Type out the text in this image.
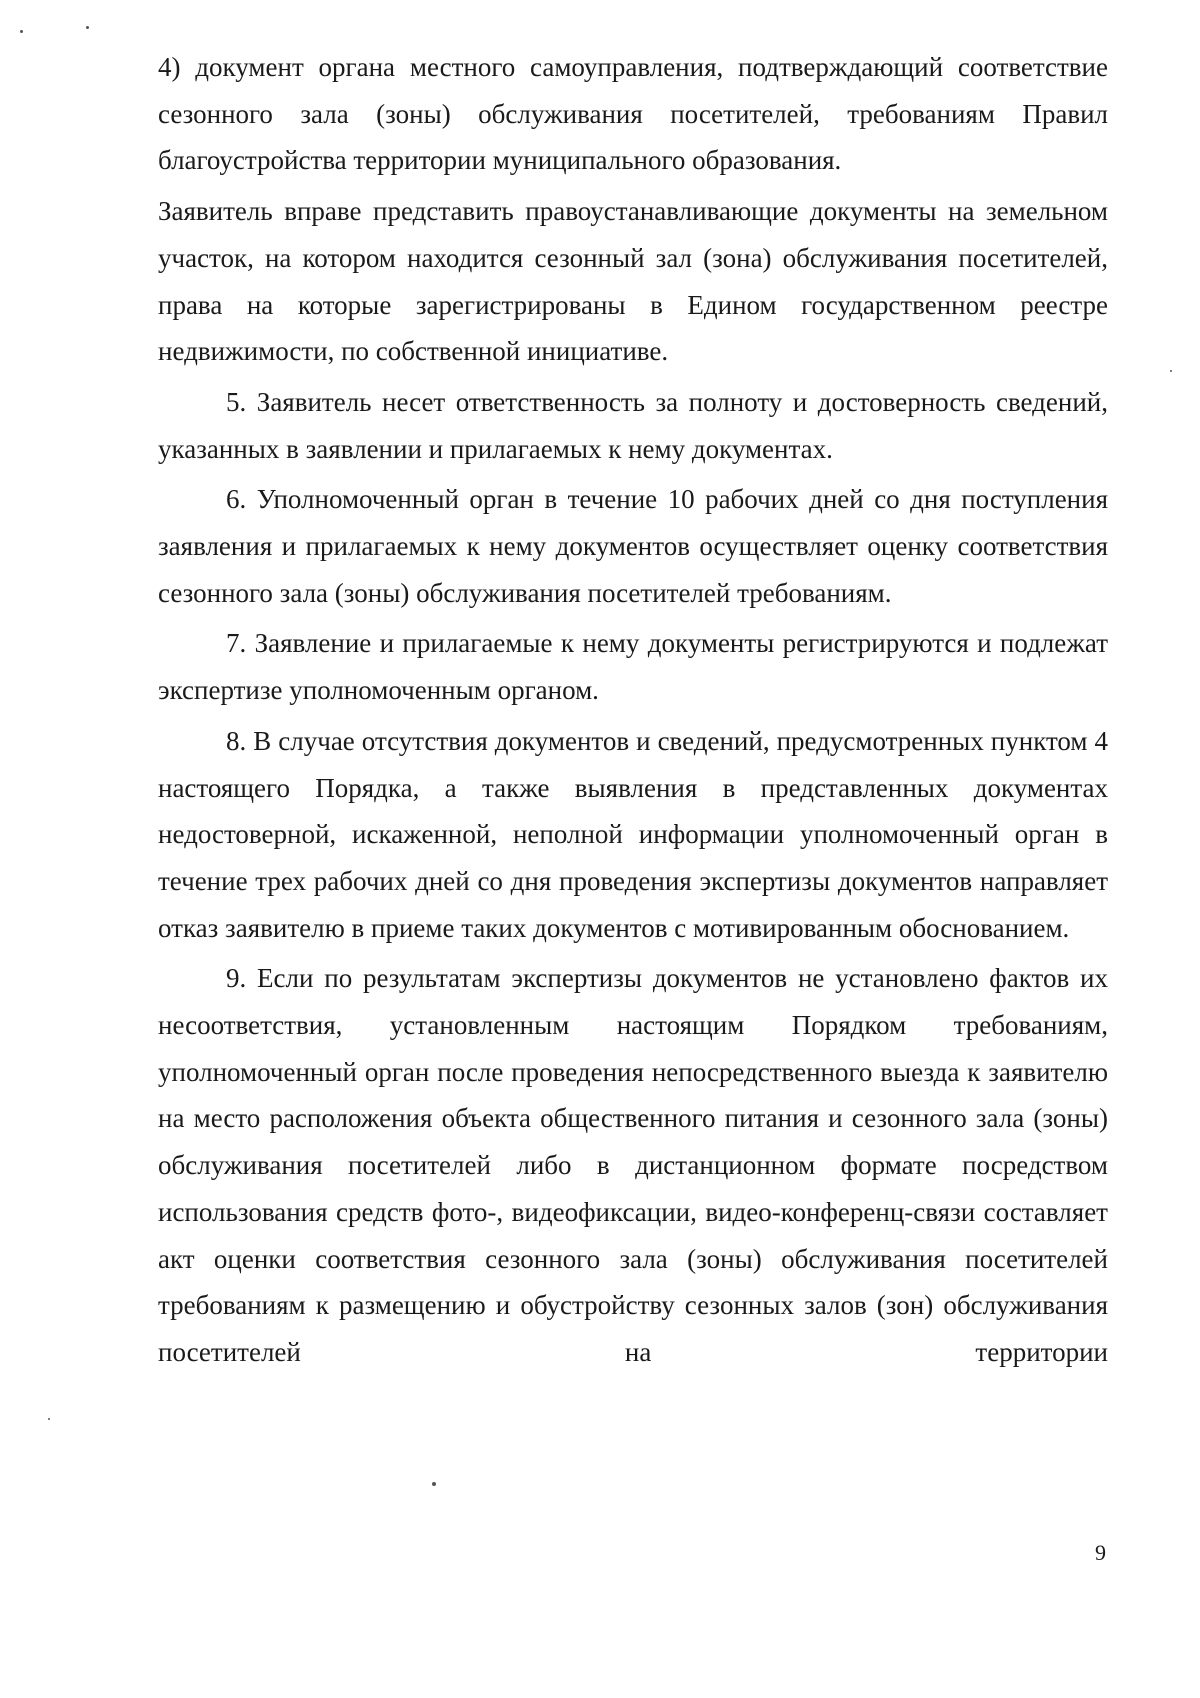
4) документ органа местного самоуправления, подтверждающий соответствие сезонного зала (зоны) обслуживания посетителей, требованиям Правил благоустройства территории муниципального образования.

Заявитель вправе представить правоустанавливающие документы на земельном участок, на котором находится сезонный зал (зона) обслуживания посетителей, права на которые зарегистрированы в Едином государственном реестре недвижимости, по собственной инициативе.

5. Заявитель несет ответственность за полноту и достоверность сведений, указанных в заявлении и прилагаемых к нему документах.

6. Уполномоченный орган в течение 10 рабочих дней со дня поступления заявления и прилагаемых к нему документов осуществляет оценку соответствия сезонного зала (зоны) обслуживания посетителей требованиям.

7. Заявление и прилагаемые к нему документы регистрируются и подлежат экспертизе уполномоченным органом.

8. В случае отсутствия документов и сведений, предусмотренных пунктом 4 настоящего Порядка, а также выявления в представленных документах недостоверной, искаженной, неполной информации уполномоченный орган в течение трех рабочих дней со дня проведения экспертизы документов направляет отказ заявителю в приеме таких документов с мотивированным обоснованием.

9. Если по результатам экспертизы документов не установлено фактов их несоответствия, установленным настоящим Порядком требованиям, уполномоченный орган после проведения непосредственного выезда к заявителю на место расположения объекта общественного питания и сезонного зала (зоны) обслуживания посетителей либо в дистанционном формате посредством использования средств фото-, видеофиксации, видео-конференц-связи составляет акт оценки соответствия сезонного зала (зоны) обслуживания посетителей требованиям к размещению и обустройству сезонных залов (зон) обслуживания посетителей на территории

9
